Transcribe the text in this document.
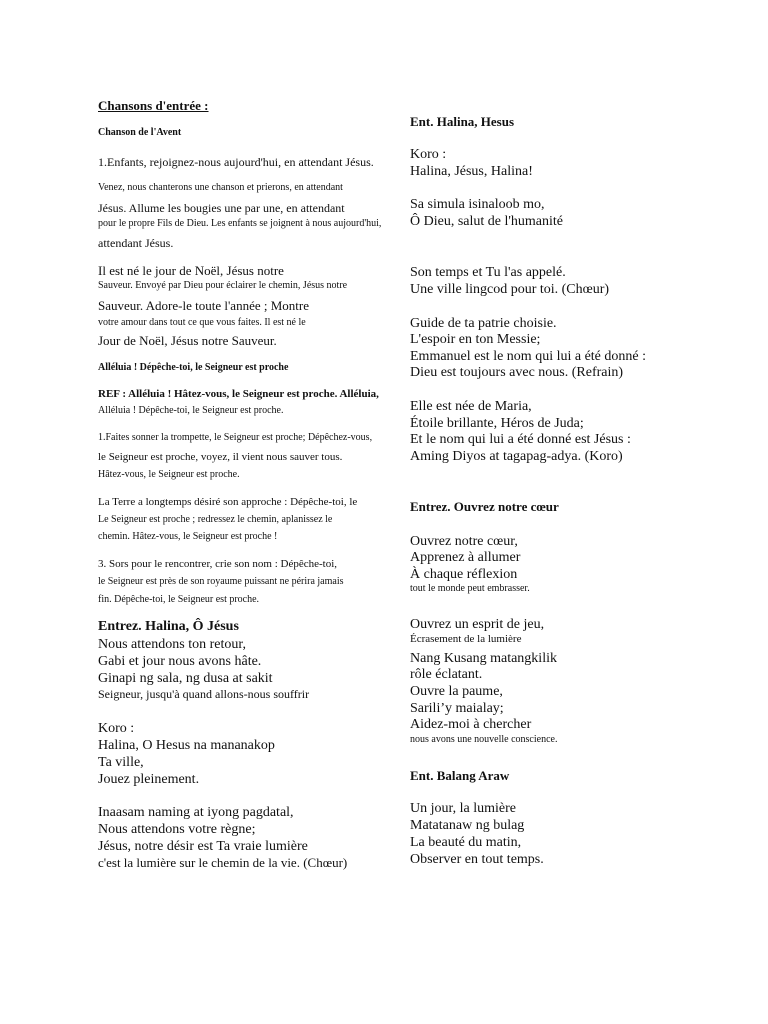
Chansons d'entrée :
Chanson de l'Avent
1.Enfants, rejoignez-nous aujourd'hui, en attendant Jésus.
Venez, nous chanterons une chanson et prierons, en attendant
Jésus. Allume les bougies une par une, en attendant
pour le propre Fils de Dieu. Les enfants se joignent à nous aujourd'hui,
attendant Jésus.
Il est né le jour de Noël, Jésus notre
Sauveur. Envoyé par Dieu pour éclairer le chemin, Jésus notre
Sauveur. Adore-le toute l'année ; Montre
votre amour dans tout ce que vous faites. Il est né le
Jour de Noël, Jésus notre Sauveur.
Alléluia ! Dépêche-toi, le Seigneur est proche
REF : Alléluia ! Hâtez-vous, le Seigneur est proche. Alléluia,
Alléluia ! Dépêche-toi, le Seigneur est proche.
1.Faites sonner la trompette, le Seigneur est proche; Dépêchez-vous,
le Seigneur est proche, voyez, il vient nous sauver tous.
Hâtez-vous, le Seigneur est proche.
La Terre a longtemps désiré son approche : Dépêche-toi, le
Le Seigneur est proche ; redressez le chemin, aplanissez le
chemin. Hâtez-vous, le Seigneur est proche !
3. Sors pour le rencontrer, crie son nom : Dépêche-toi,
le Seigneur est près de son royaume puissant ne périra jamais
fin. Dépêche-toi, le Seigneur est proche.
Entrez. Halina, Ô Jésus
Nous attendons ton retour,
Gabi et jour nous avons hâte.
Ginapi ng sala, ng dusa at sakit
Seigneur, jusqu'à quand allons-nous souffrir
Koro :
Halina, O Hesus na mananakop
Ta ville,
Jouez pleinement.
Inaasam naming at iyong pagdatal,
Nous attendons votre règne;
Jésus, notre désir est Ta vraie lumière
c'est la lumière sur le chemin de la vie. (Chœur)
Ent. Halina, Hesus
Koro :
Halina, Jésus, Halina!
Sa simula isinaloob mo,
Ô Dieu, salut de l'humanité
Son temps et Tu l'as appelé.
Une ville lingcod pour toi. (Chœur)
Guide de ta patrie choisie.
L'espoir en ton Messie;
Emmanuel est le nom qui lui a été donné :
Dieu est toujours avec nous. (Refrain)
Elle est née de Maria,
Étoile brillante, Héros de Juda;
Et le nom qui lui a été donné est Jésus :
Aming Diyos at tagapag-adya. (Koro)
Entrez. Ouvrez notre cœur
Ouvrez notre cœur,
Apprenez à allumer
À chaque réflexion
tout le monde peut embrasser.
Ouvrez un esprit de jeu,
Écrasement de la lumière
Nang Kusang matangkilik
rôle éclatant.
Ouvre la paume,
Sarili’y maialay;
Aidez-moi à chercher
nous avons une nouvelle conscience.
Ent. Balang Araw
Un jour, la lumière
Matatanaw ng bulag
La beauté du matin,
Observer en tout temps.
